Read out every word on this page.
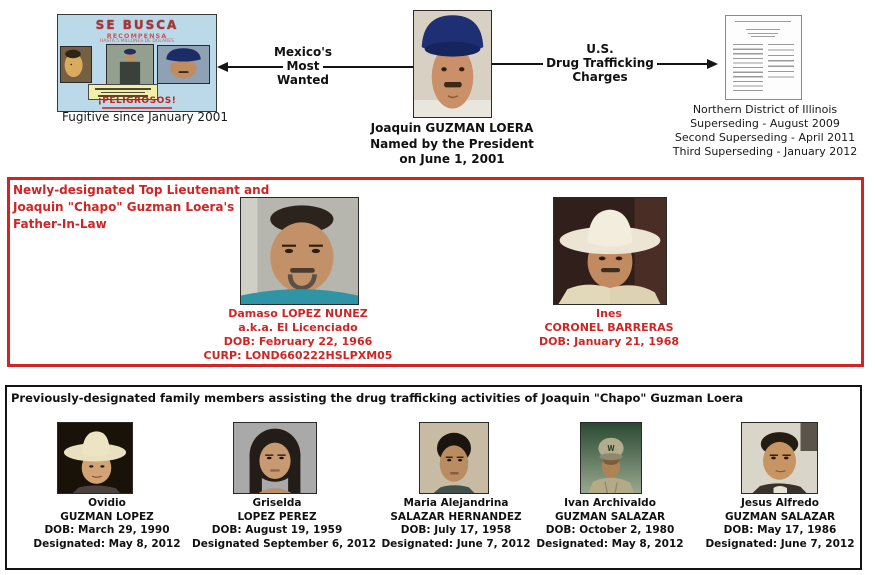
SE BUSCA
RECOMPENSA
HASTA 5 MILLONES DE DOLARES
¡PELIGROSOS!
Fugitive since January 2001
Mexico's
Most
Wanted
U.S.
Drug Trafficking
Charges
Joaquin GUZMAN LOERA
Named by the President
on June 1, 2001
Northern District of Illinois
Superseding - August 2009
Second Superseding - April 2011
Third Superseding - January 2012
Newly-designated Top Lieutenant and
Joaquin "Chapo" Guzman Loera's
Father-In-Law
Damaso LOPEZ NUNEZ
a.k.a. El Licenciado
DOB: February 22, 1966
CURP: LOND660222HSLPXM05
Ines
CORONEL BARRERAS
DOB: January 21, 1968
Previously-designated family members assisting the drug trafficking activities of Joaquin "Chapo" Guzman Loera
W
Ovidio
GUZMAN LOPEZ
DOB: March 29, 1990
Designated: May 8, 2012
Griselda
LOPEZ PEREZ
DOB: August 19, 1959
Designated September 6, 2012
Maria Alejandrina
SALAZAR HERNANDEZ
DOB: July 17, 1958
Designated: June 7, 2012
Ivan Archivaldo
GUZMAN SALAZAR
DOB: October 2, 1980
Designated: May 8, 2012
Jesus Alfredo
GUZMAN SALAZAR
DOB: May 17, 1986
Designated: June 7, 2012
